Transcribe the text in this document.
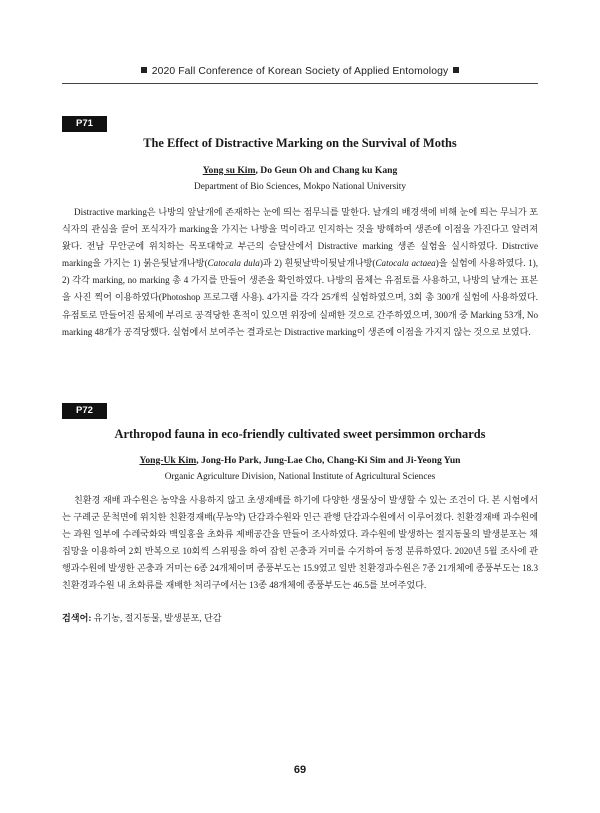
2020 Fall Conference of Korean Society of Applied Entomology
P71
The Effect of Distractive Marking on the Survival of Moths
Yong su Kim, Do Geun Oh and Chang ku Kang
Department of Bio Sciences, Mokpo National University

Distractive marking은 나방의 앞날개에 존재하는 눈에 띄는 점무늬를 말한다. 날개의 배경색에 비해 눈에 띄는 무늬가 포식자의 관심을 끌어 포식자가 marking을 가지는 나방을 먹이라고 인지하는 것을 방해하여 생존에 이점을 가진다고 알려져 왔다. 전남 무안군에 위치하는 목포대학교 부근의 승달산에서 Distractive marking 생존 실험을 실시하였다. Distrctive marking을 가지는 1) 붉은뒷날개나방(Catocala dula)과 2) 흰뒷날박이뒷날개나방(Catocala actaea)을 실험에 사용하였다. 1), 2) 각각 marking, no marking 총 4 가지를 만들어 생존을 확인하였다. 나방의 몸체는 유점토를 사용하고, 나방의 날개는 표본을 사진 찍어 이용하였다(Photoshop 프로그램 사용). 4가지를 각각 25개씩 실험하였으며, 3회 총 300개 실험에 사용하였다. 유점토로 만들어진 몸체에 부리로 공격당한 흔적이 있으면 위장에 실패한 것으로 간주하였으며, 300개 중 Marking 53개, No marking 48개가 공격당했다. 실험에서 보여주는 결과로는 Distractive marking이 생존에 이점을 가지지 않는 것으로 보였다.

P72
Arthropod fauna in eco-friendly cultivated sweet persimmon orchards
Yong-Uk Kim, Jong-Ho Park, Jung-Lae Cho, Chang-Ki Sim and Ji-Yeong Yun
Organic Agriculture Division, National Institute of Agricultural Sciences

친환경 재배 과수원은 농약을 사용하지 않고 초생재배를 하기에 다양한 생물상이 발생할 수 있는 조건이 다. 본 시험에서는 구례군 문척면에 위치한 친환경재배(무농약) 단감과수원와 인근 관행 단감과수원에서 이루어졌다. 친환경재배 과수원에는 과원 일부에 수레국화와 백일홍을 초화류 제배공간을 만들어 조사하였다. 과수원에 발생하는 절지동물의 발생분포는 채집망을 이용하여 2회 반복으로 10회씩 스위핑을 하여 잡힌 곤충과 거미를 수거하여 동정 분류하였다. 2020년 5월 조사에 관행과수원에 발생한 곤충과 거미는 6종 24개체이며 종풍부도는 15.9였고 일반 친환경과수원은 7종 21개체에 종풍부도는 18.3 친환경과수원 내 초화류를 재배한 처리구에서는 13종 48개체에 종풍부도는 46.5를 보여주었다.

검색어: 유기농, 절지동물, 발생분포, 단감
69
